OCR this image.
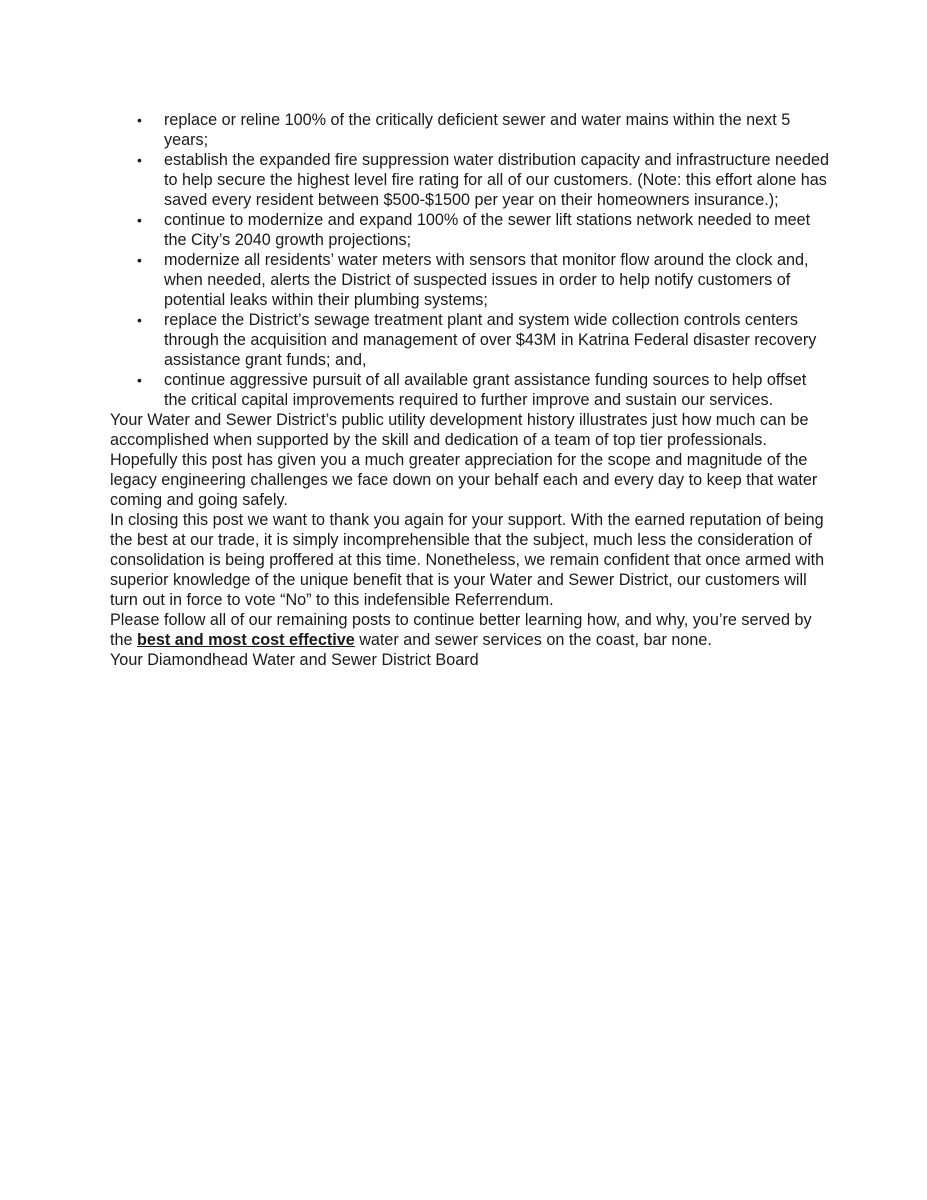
• replace or reline 100% of the critically deficient sewer and water mains within the next 5 years;
• establish the expanded fire suppression water distribution capacity and infrastructure needed to help secure the highest level fire rating for all of our customers. (Note: this effort alone has saved every resident between $500-$1500 per year on their homeowners insurance.);
• continue to modernize and expand 100% of the sewer lift stations network needed to meet the City’s 2040 growth projections;
• modernize all residents’ water meters with sensors that monitor flow around the clock and, when needed, alerts the District of suspected issues in order to help notify customers of potential leaks within their plumbing systems;
• replace the District’s sewage treatment plant and system wide collection controls centers through the acquisition and management of over $43M in Katrina Federal disaster recovery assistance grant funds; and,
• continue aggressive pursuit of all available grant assistance funding sources to help offset the critical capital improvements required to further improve and sustain our services.

Your Water and Sewer District’s public utility development history illustrates just how much can be accomplished when supported by the skill and dedication of a team of top tier professionals. Hopefully this post has given you a much greater appreciation for the scope and magnitude of the legacy engineering challenges we face down on your behalf each and every day to keep that water coming and going safely.

In closing this post we want to thank you again for your support. With the earned reputation of being the best at our trade, it is simply incomprehensible that the subject, much less the consideration of consolidation is being proffered at this time. Nonetheless, we remain confident that once armed with superior knowledge of the unique benefit that is your Water and Sewer District, our customers will turn out in force to vote “No” to this indefensible Referrendum.

Please follow all of our remaining posts to continue better learning how, and why, you’re served by the best and most cost effective water and sewer services on the coast, bar none.

Your Diamondhead Water and Sewer District Board
